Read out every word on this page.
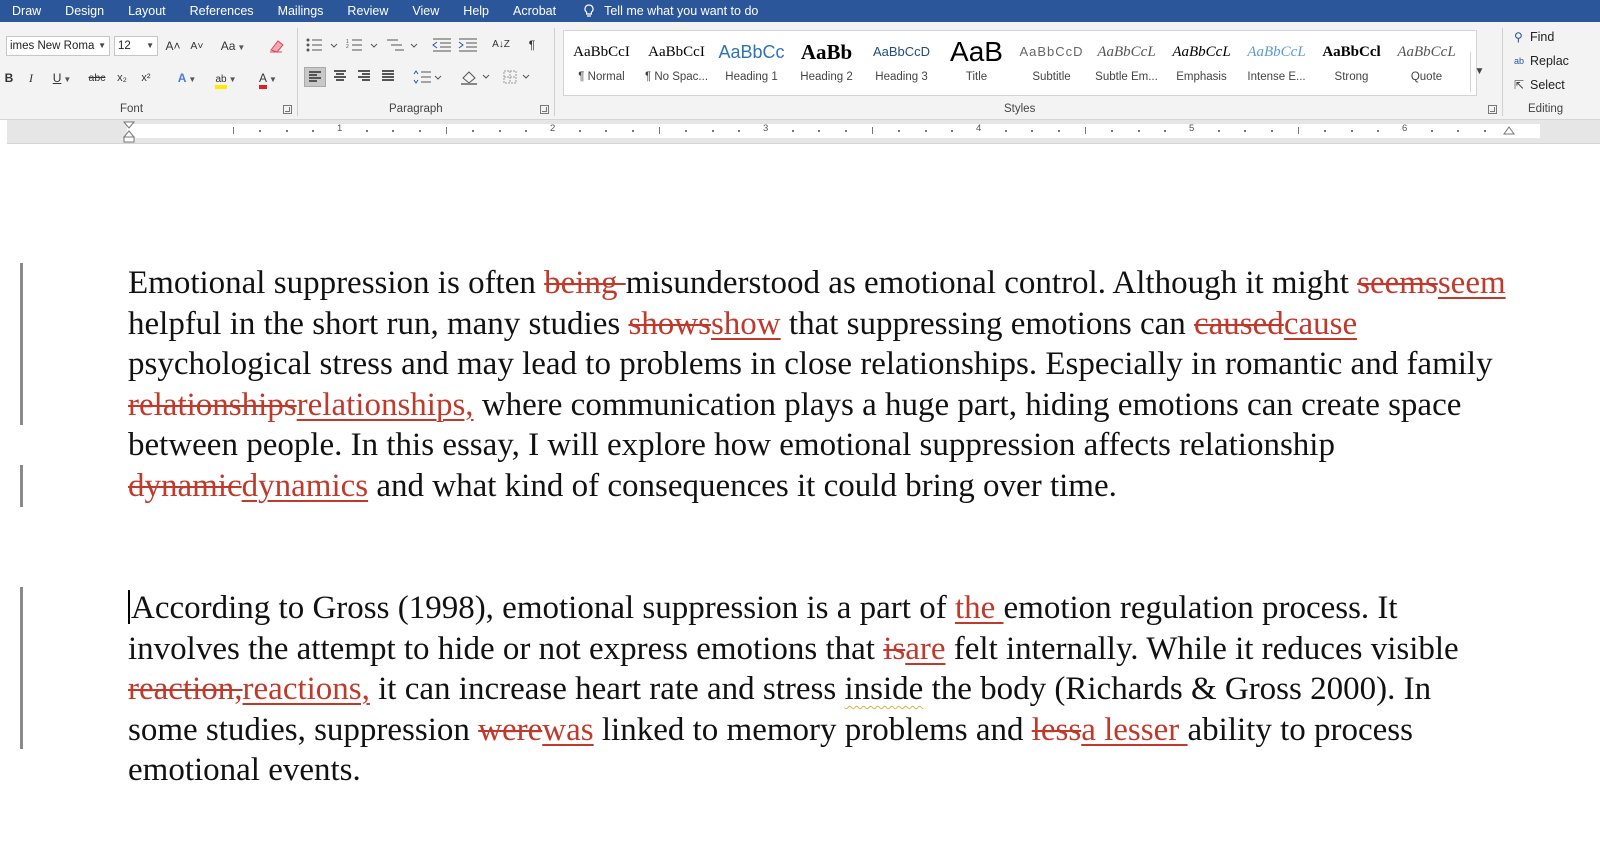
Draw	Design	Layout	References	Mailings	Review	View	Help	Acrobat	Tell me what you want to do
imes New Roma ▼	12 ▼ A˄ A˅	Aa ▼
B	I	U ▼	abc x₂	x²	A ▼	ab ▼	A ▼
Font
1
2	A↓Z	¶
Paragraph
AaBbCcI
¶ Normal
AaBbCcI
¶ No Spac...
AaBbCc
Heading 1
AaBb
Heading 2
AaBbCcD
Heading 3
AaB
Title
AaBbCcD
Subtitle
AaBbCcL
Subtle Em...
AaBbCcL
Emphasis
AaBbCcL
Intense E...
AaBbCcl
Strong
AaBbCcL
Quote	▼
Styles
⚲ Find
ab Replac
⇱ Select
Editing
1	2	3	4	5	6

Emotional suppression is often being misunderstood as emotional control. Although it might seemsseem helpful in the short run, many studies showsshow that suppressing emotions can causedcause psychological stress and may lead to problems in close relationships. Especially in romantic and family relationshipsrelationships, where communication plays a huge part, hiding emotions can create space between people. In this essay, I will explore how emotional suppression affects relationship dynamicdynamics and what kind of consequences it could bring over time.

According to Gross (1998), emotional suppression is a part of the emotion regulation process. It involves the attempt to hide or not express emotions that isare felt internally. While it reduces visible reaction,reactions, it can increase heart rate and stress inside the body (Richards & Gross 2000). In some studies, suppression werewas linked to memory problems and lessa lesser ability to process emotional events.
